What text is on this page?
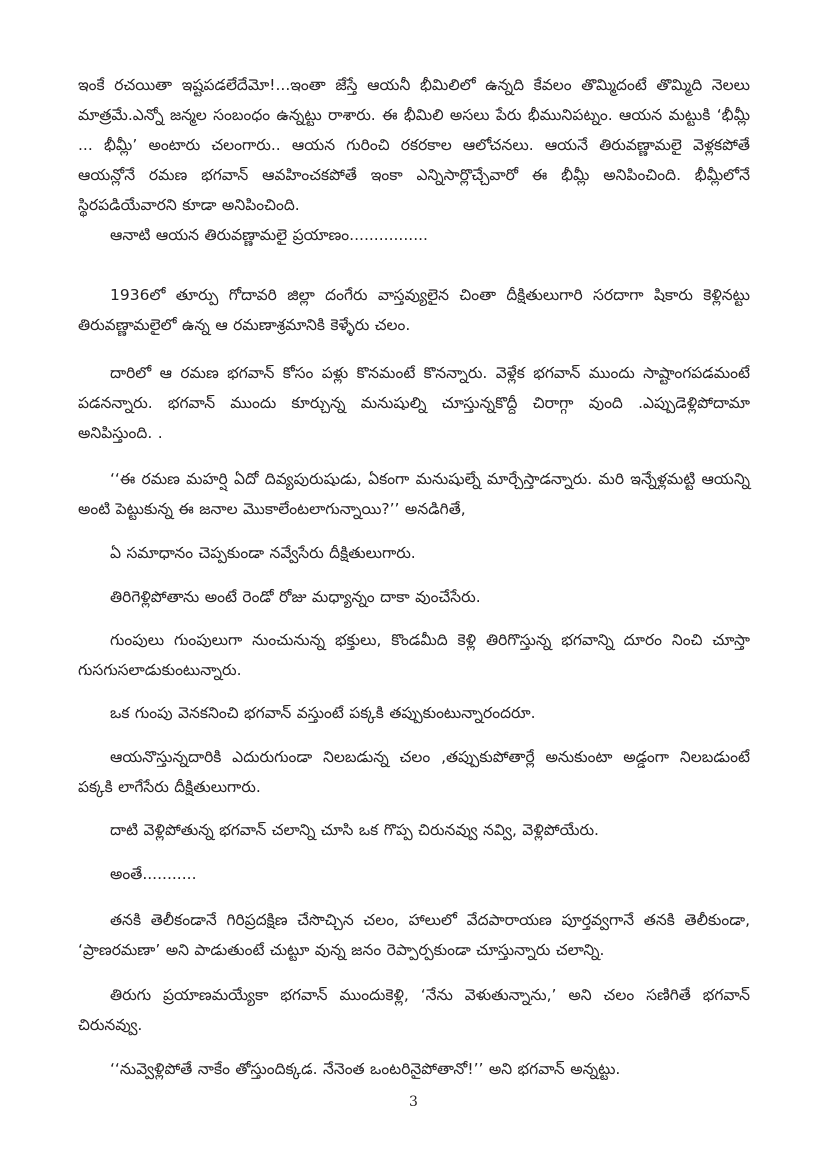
ఇంకే రచయితా ఇష్టపడలేదేమో!...ఇంతా జేస్తే ఆయనీ భీమిలిలో ఉన్నది కేవలం తొమ్మిదంటే తొమ్మిది నెలలు మాత్రమే.ఎన్నో జన్మల సంబంధం ఉన్నట్టు రాశారు. ఈ భీమిలి అసలు పేరు భీమునిపట్నం. ఆయన మట్టుకి ‘భీమ్లీ ... భీమ్లీ’ అంటారు చలంగారు.. ఆయన గురించి రకరకాల ఆలోచనలు. ఆయనే తిరువణ్ణామలై వెళ్లకపోతే ఆయన్లోనే రమణ భగవాన్ ఆవహించకపోతే ఇంకా ఎన్నిసార్లొచ్చేవారో ఈ భీమ్లీ అనిపించింది. భీమ్లీలోనే స్థిరపడియేవారని కూడా అనిపించింది.

ఆనాటి ఆయన తిరువణ్ణామలై ప్రయాణం................

1936లో తూర్పు గోదావరి జిల్లా దంగేరు వాస్తవ్యులైన చింతా దీక్షితులుగారి సరదాగా షికారు కెళ్లినట్టు తిరువణ్ణామలైలో ఉన్న ఆ రమణాశ్రమానికి కెళ్ళేరు చలం.

దారిలో ఆ రమణ భగవాన్ కోసం పళ్లు కొనమంటే కొనన్నారు. వెళ్లేక భగవాన్ ముందు సాష్టాంగపడమంటే పడనన్నారు. భగవాన్ ముందు కూర్చున్న మనుషుల్ని చూస్తున్నకొద్దీ చిరాగ్గా వుంది .ఎప్పుడెళ్లిపోదామా అనిపిస్తుంది. .

‘‘ఈ రమణ మహర్షి ఏదో దివ్యపురుషుడు, ఏకంగా మనుషుల్నే మార్చేస్తాడన్నారు. మరి ఇన్నేళ్లమట్టి ఆయన్ని అంటి పెట్టుకున్న ఈ జనాల మొకాలేంటలాగున్నాయి?’’ అనడిగితే,

ఏ సమాధానం చెప్పకుండా నవ్వేసేరు దీక్షితులుగారు.

తిరిగెళ్లిపోతాను అంటే రెండో రోజు మధ్యాన్నం దాకా వుంచేసేరు.

గుంపులు గుంపులుగా నుంచునున్న భక్తులు, కొండమీది కెళ్లి తిరిగొస్తున్న భగవాన్ని దూరం నించి చూస్తా గుసగుసలాడుకుంటున్నారు.

ఒక గుంపు వెనకనించి భగవాన్ వస్తుంటే పక్కకి తప్పుకుంటున్నారందరూ.

ఆయనొస్తున్నదారికి ఎదురుగుండా నిలబడున్న చలం ,తప్పుకుపోతార్లే అనుకుంటా అడ్డంగా నిలబడుంటే పక్కకి లాగేసేరు దీక్షితులుగారు.

దాటి వెళ్లిపోతున్న భగవాన్ చలాన్ని చూసి ఒక గొప్ప చిరునవ్వు నవ్వి, వెళ్లిపోయేరు.

అంతే...........

తనకి తెలీకండానే గిరిప్రదక్షిణ చేసొచ్చిన చలం, హాలులో వేదపారాయణ పూర్తవ్వగానే తనకి తెలీకుండా, ‘ప్రాణరమణా’ అని పాడుతుంటే చుట్టూ వున్న జనం రెప్పార్పకుండా చూస్తున్నారు చలాన్ని.

తిరుగు ప్రయాణమయ్యేకా భగవాన్ ముందుకెళ్లి, ‘నేను వెళుతున్నాను,’ అని చలం సణిగితే భగవాన్ చిరునవ్వు.

‘‘నువ్వెళ్లిపోతే నాకేం తోస్తుందిక్కడ. నేనెంత ఒంటరినైపోతానో!’’ అని భగవాన్ అన్నట్టు.

3
